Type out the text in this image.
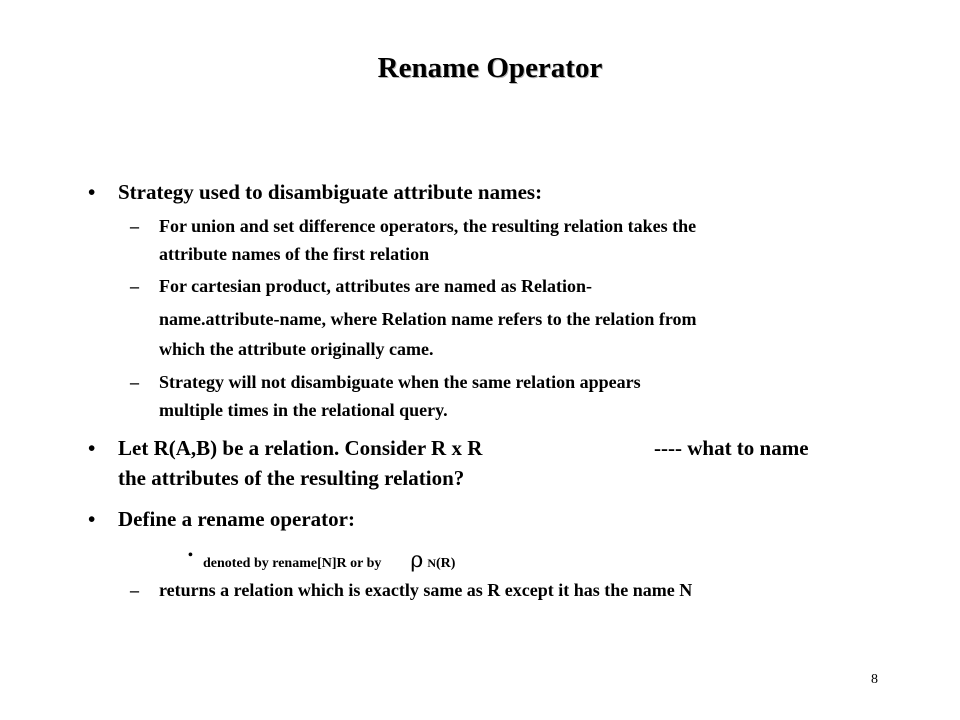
Rename Operator
• Strategy used to disambiguate attribute names:
– For union and set difference operators, the resulting relation takes the
attribute names of the first relation
– For cartesian product, attributes are named as Relation-
name.attribute-name, where Relation name refers to the relation from
which the attribute originally came.
– Strategy will not disambiguate when the same relation appears
multiple times in the relational query.
• Let R(A,B) be a relation. Consider R x R	---- what to name
the attributes of the resulting relation?
• Define a rename operator:
•
denoted by rename[N]R or by ρ N(R)
– returns a relation which is exactly same as R except it has the name N
8
